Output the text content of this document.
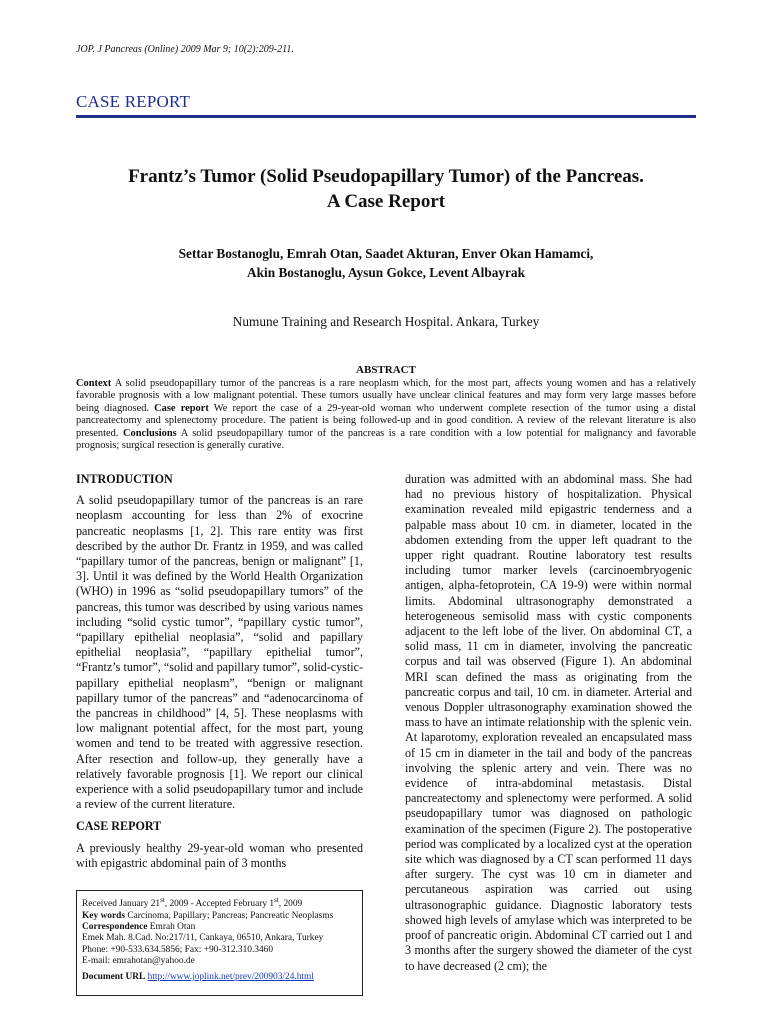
JOP. J Pancreas (Online) 2009 Mar 9; 10(2):209-211.
CASE REPORT
Frantz’s Tumor (Solid Pseudopapillary Tumor) of the Pancreas.
A Case Report
Settar Bostanoglu, Emrah Otan, Saadet Akturan, Enver Okan Hamamci,
Akin Bostanoglu, Aysun Gokce, Levent Albayrak
Numune Training and Research Hospital. Ankara, Turkey
ABSTRACT
Context A solid pseudopapillary tumor of the pancreas is a rare neoplasm which, for the most part, affects young women and has a relatively favorable prognosis with a low malignant potential. These tumors usually have unclear clinical features and may form very large masses before being diagnosed. Case report We report the case of a 29-year-old woman who underwent complete resection of the tumor using a distal pancreatectomy and splenectomy procedure. The patient is being followed-up and in good condition. A review of the relevant literature is also presented. Conclusions A solid pseudopapillary tumor of the pancreas is a rare condition with a low potential for malignancy and favorable prognosis; surgical resection is generally curative.
INTRODUCTION
A solid pseudopapillary tumor of the pancreas is an rare neoplasm accounting for less than 2% of exocrine pancreatic neoplasms [1, 2]. This rare entity was first described by the author Dr. Frantz in 1959, and was called “papillary tumor of the pancreas, benign or malignant” [1, 3]. Until it was defined by the World Health Organization (WHO) in 1996 as “solid pseudopapillary tumors” of the pancreas, this tumor was described by using various names including “solid cystic tumor”, “papillary cystic tumor”, “papillary epithelial neoplasia”, “solid and papillary epithelial neoplasia”, “papillary epithelial tumor”, “Frantz’s tumor”, “solid and papillary tumor”, solid-cystic-papillary epithelial neoplasm”, “benign or malignant papillary tumor of the pancreas” and “adenocarcinoma of the pancreas in childhood” [4, 5]. These neoplasms with low malignant potential affect, for the most part, young women and tend to be treated with aggressive resection. After resection and follow-up, they generally have a relatively favorable prognosis [1]. We report our clinical experience with a solid pseudopapillary tumor and include a review of the current literature.
CASE REPORT
A previously healthy 29-year-old woman who presented with epigastric abdominal pain of 3 months
duration was admitted with an abdominal mass. She had had no previous history of hospitalization. Physical examination revealed mild epigastric tenderness and a palpable mass about 10 cm. in diameter, located in the abdomen extending from the upper left quadrant to the upper right quadrant. Routine laboratory test results including tumor marker levels (carcinoembryogenic antigen, alpha-fetoprotein, CA 19-9) were within normal limits. Abdominal ultrasonography demonstrated a heterogeneous semisolid mass with cystic components adjacent to the left lobe of the liver. On abdominal CT, a solid mass, 11 cm in diameter, involving the pancreatic corpus and tail was observed (Figure 1). An abdominal MRI scan defined the mass as originating from the pancreatic corpus and tail, 10 cm. in diameter. Arterial and venous Doppler ultrasonography examination showed the mass to have an intimate relationship with the splenic vein. At laparotomy, exploration revealed an encapsulated mass of 15 cm in diameter in the tail and body of the pancreas involving the splenic artery and vein. There was no evidence of intra-abdominal metastasis. Distal pancreatectomy and splenectomy were performed. A solid pseudopapillary tumor was diagnosed on pathologic examination of the specimen (Figure 2). The postoperative period was complicated by a localized cyst at the operation site which was diagnosed by a CT scan performed 11 days after surgery. The cyst was 10 cm in diameter and percutaneous aspiration was carried out using ultrasonographic guidance. Diagnostic laboratory tests showed high levels of amylase which was interpreted to be proof of pancreatic origin. Abdominal CT carried out 1 and 3 months after the surgery showed the diameter of the cyst to have decreased (2 cm); the
Received January 21st, 2009 - Accepted February 1st, 2009
Key words Carcinoma, Papillary; Pancreas; Pancreatic Neoplasms
Correspondence Emrah Otan
Emek Mah. 8.Cad. No:217/11, Cankaya, 06510, Ankara, Turkey
Phone: +90-533.634.5856; Fax: +90-312.310.3460
E-mail: emrahotan@yahoo.de
Document URL http://www.joplink.net/prev/200903/24.html
